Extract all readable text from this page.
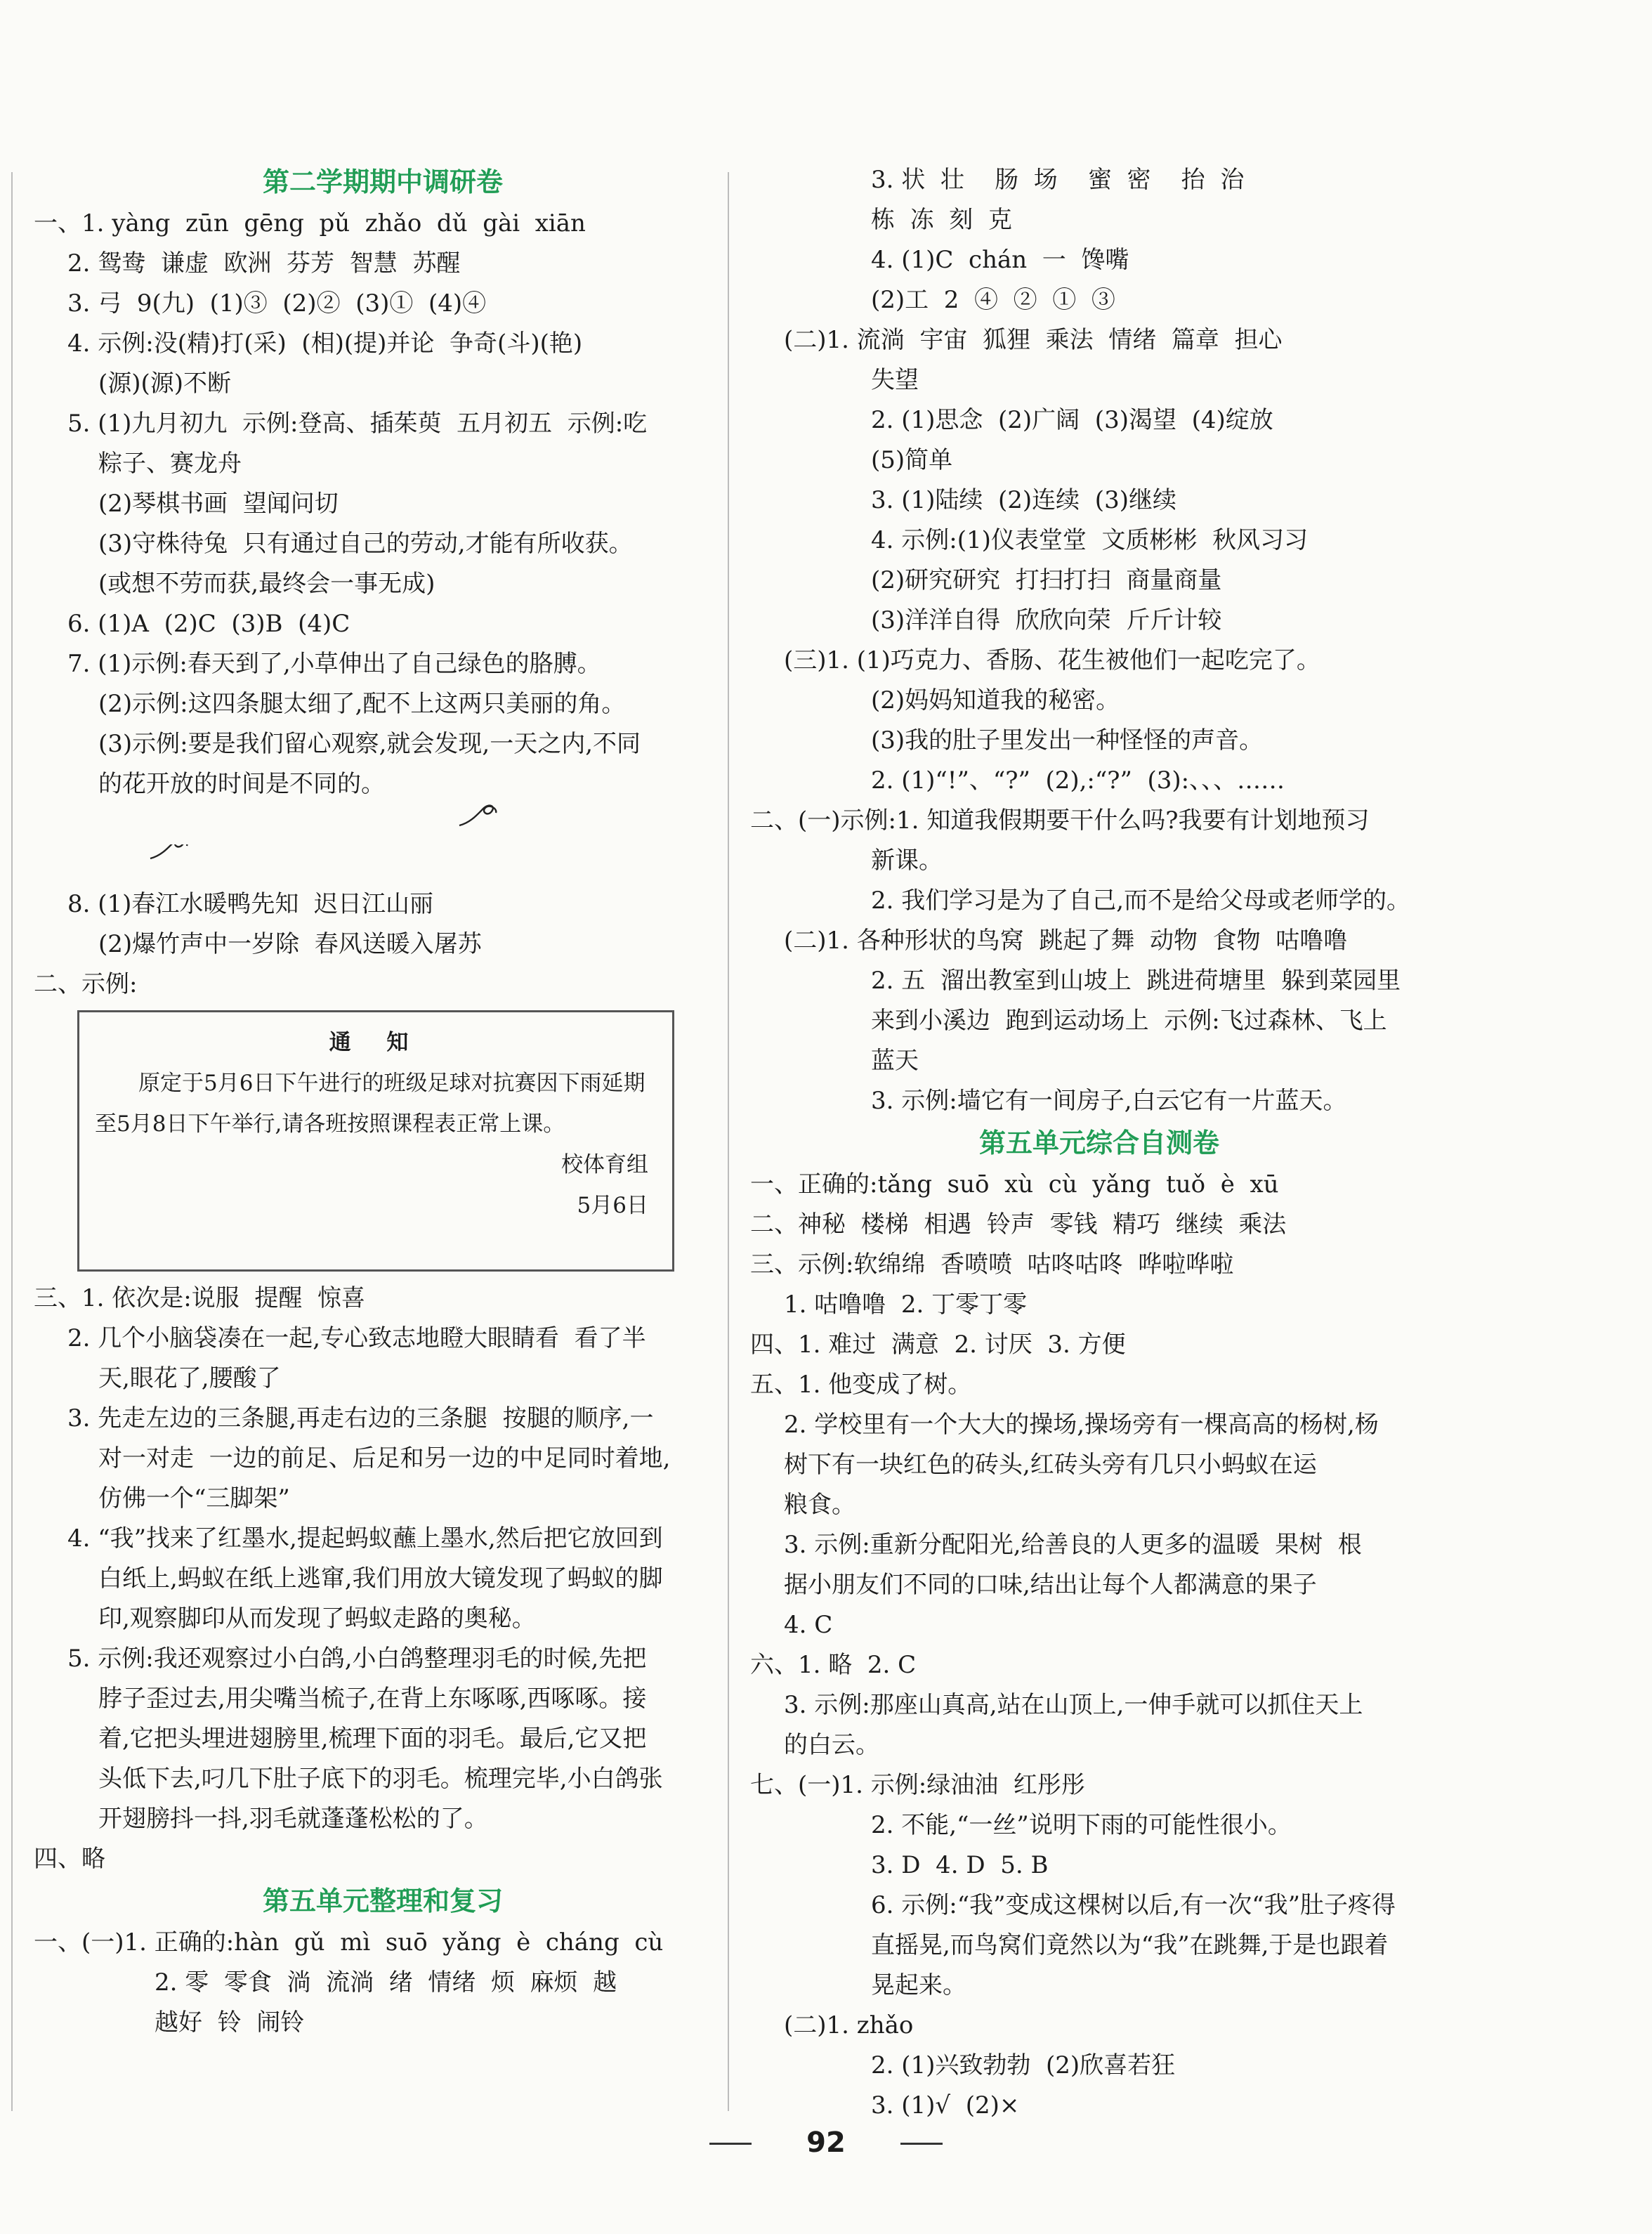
第二学期期中调研卷
一、1. yàng  zūn  gēng  pǔ  zhǎo  dǔ  gài  xiān
2. 鸳鸯  谦虚  欧洲  芬芳  智慧  苏醒
3. 弓  9(九)  (1)③  (2)②  (3)①  (4)④
4. 示例:没(精)打(采)  (相)(提)并论  争奇(斗)(艳)
(源)(源)不断
5. (1)九月初九  示例:登高、插茱萸  五月初五  示例:吃
粽子、赛龙舟
(2)琴棋书画  望闻问切
(3)守株待兔  只有通过自己的劳动,才能有所收获。
(或想不劳而获,最终会一事无成)
6. (1)A  (2)C  (3)B  (4)C
7. (1)示例:春天到了,小草伸出了自己绿色的胳膊。
(2)示例:这四条腿太细了,配不上这两只美丽的角。
(3)示例:要是我们留心观察,就会发现,一天之内,不同
的花开放的时间是不同的。

8. (1)春江水暖鸭先知  迟日江山丽
(2)爆竹声中一岁除  春风送暖入屠苏
二、示例:
通 知
原定于5月6日下午进行的班级足球对抗赛因下雨延期至5月8日下午举行,请各班按照课程表正常上课。
校体育组
5月6日
三、1. 依次是:说服  提醒  惊喜
2. 几个小脑袋凑在一起,专心致志地瞪大眼睛看  看了半
天,眼花了,腰酸了
3. 先走左边的三条腿,再走右边的三条腿  按腿的顺序,一
对一对走  一边的前足、后足和另一边的中足同时着地,
仿佛一个“三脚架”
4. “我”找来了红墨水,提起蚂蚁蘸上墨水,然后把它放回到
白纸上,蚂蚁在纸上逃窜,我们用放大镜发现了蚂蚁的脚
印,观察脚印从而发现了蚂蚁走路的奥秘。
5. 示例:我还观察过小白鸽,小白鸽整理羽毛的时候,先把
脖子歪过去,用尖嘴当梳子,在背上东啄啄,西啄啄。接
着,它把头埋进翅膀里,梳理下面的羽毛。最后,它又把
头低下去,叼几下肚子底下的羽毛。梳理完毕,小白鸽张
开翅膀抖一抖,羽毛就蓬蓬松松的了。
四、略
第五单元整理和复习
一、(一)1. 正确的:hàn  gǔ  mì  suō  yǎng  è  cháng  cù
2. 零  零食  淌  流淌  绪  情绪  烦  麻烦  越
越好  铃  闹铃
3. 状  壮    肠  场    蜜  密    抬  治
栋  冻  刻  克
4. (1)C  chán  一  馋嘴
(2)工  2  ④  ②  ①  ③
(二)1. 流淌  宇宙  狐狸  乘法  情绪  篇章  担心
失望
2. (1)思念  (2)广阔  (3)渴望  (4)绽放
(5)简单
3. (1)陆续  (2)连续  (3)继续
4. 示例:(1)仪表堂堂  文质彬彬  秋风习习
(2)研究研究  打扫打扫  商量商量
(3)洋洋自得  欣欣向荣  斤斤计较
(三)1. (1)巧克力、香肠、花生被他们一起吃完了。
(2)妈妈知道我的秘密。
(3)我的肚子里发出一种怪怪的声音。
2. (1)“!”、“?”  (2),:“?”  (3):、、、……
二、(一)示例:1. 知道我假期要干什么吗?我要有计划地预习
新课。
2. 我们学习是为了自己,而不是给父母或老师学的。
(二)1. 各种形状的鸟窝  跳起了舞  动物  食物  咕噜噜
2. 五  溜出教室到山坡上  跳进荷塘里  躲到菜园里
来到小溪边  跑到运动场上  示例:飞过森林、飞上
蓝天
3. 示例:墙它有一间房子,白云它有一片蓝天。
第五单元综合自测卷
一、正确的:tǎng  suō  xù  cù  yǎng  tuǒ  è  xū
二、神秘  楼梯  相遇  铃声  零钱  精巧  继续  乘法
三、示例:软绵绵  香喷喷  咕咚咕咚  哗啦哗啦
1. 咕噜噜  2. 丁零丁零
四、1. 难过  满意  2. 讨厌  3. 方便
五、1. 他变成了树。
2. 学校里有一个大大的操场,操场旁有一棵高高的杨树,杨
树下有一块红色的砖头,红砖头旁有几只小蚂蚁在运
粮食。
3. 示例:重新分配阳光,给善良的人更多的温暖  果树  根
据小朋友们不同的口味,结出让每个人都满意的果子
4. C
六、1. 略  2. C
3. 示例:那座山真高,站在山顶上,一伸手就可以抓住天上
的白云。
七、(一)1. 示例:绿油油  红彤彤
2. 不能,“一丝”说明下雨的可能性很小。
3. D  4. D  5. B
6. 示例:“我”变成这棵树以后,有一次“我”肚子疼得
直摇晃,而鸟窝们竟然以为“我”在跳舞,于是也跟着
晃起来。
(二)1. zhǎo
2. (1)兴致勃勃  (2)欣喜若狂
3. (1)√  (2)×
92
